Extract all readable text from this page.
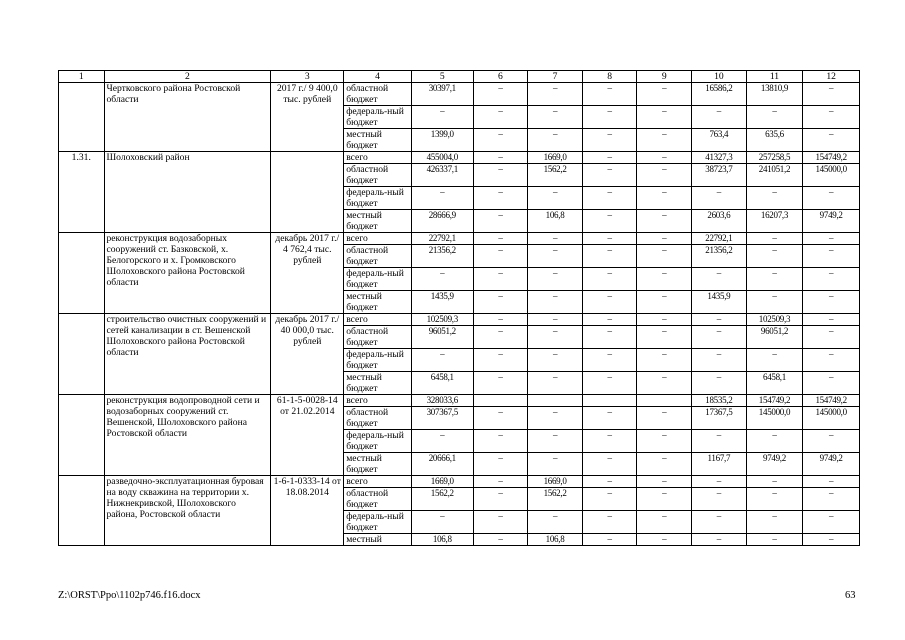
1	2	3	4	5	6	7	8	9	10	11	12
	Чертковского района Ростовской области	2017 г./ 9 400,0 тыс. рублей	областной бюджет	30397,1	–	–	–	–	16586,2	13810,9	–
			федераль-ный бюджет	–	–	–	–	–	–	–	–
			местный бюджет	1399,0	–	–	–	–	763,4	635,6	–
1.31.	Шолоховский район		всего	455004,0	–	1669,0	–	–	41327,3	257258,5	154749,2
			областной бюджет	426337,1	–	1562,2	–	–	38723,7	241051,2	145000,0
			федераль-ный бюджет	–	–	–	–	–	–	–	–
			местный бюджет	28666,9	–	106,8	–	–	2603,6	16207,3	9749,2
	реконструкция водозаборных сооружений ст. Базковской, х. Белогорского и х. Громковского Шолоховского района Ростовской области	декабрь 2017 г./ 4 762,4 тыс. рублей	всего	22792,1	–	–	–	–	22792,1	–	–
			областной бюджет	21356,2	–	–	–	–	21356,2	–	–
			федераль-ный бюджет	–	–	–	–	–	–	–	–
			местный бюджет	1435,9	–	–	–	–	1435,9	–	–
	строительство очистных сооружений и сетей канализации в ст. Вешенской Шолоховского района Ростовской области	декабрь 2017 г./ 40 000,0 тыс. рублей	всего	102509,3	–	–	–	–	–	102509,3	–
			областной бюджет	96051,2	–	–	–	–	–	96051,2	–
			федераль-ный бюджет	–	–	–	–	–	–	–	–
			местный бюджет	6458,1	–	–	–	–	–	6458,1	–
	реконструкция водопроводной сети и водозаборных сооружений ст. Вешенской, Шолоховского района Ростовской области	61-1-5-0028-14 от 21.02.2014	всего	328033,6					18535,2	154749,2	154749,2
			областной бюджет	307367,5	–	–	–	–	17367,5	145000,0	145000,0
			федераль-ный бюджет	–	–	–	–	–	–	–	–
			местный бюджет	20666,1	–	–	–	–	1167,7	9749,2	9749,2
	разведочно-эксплуатационная буровая на воду скважина на территории х. Нижнекривской, Шолоховского района, Ростовской области	1-6-1-0333-14 от 18.08.2014	всего	1669,0	–	1669,0	–	–	–	–	–
			областной бюджет	1562,2	–	1562,2	–	–	–	–	–
			федераль-ный бюджет	–	–	–	–	–	–	–	–
			местный	106,8	–	106,8	–	–	–	–	–
Z:\ORST\Ppo\1102p746.f16.docx	63
